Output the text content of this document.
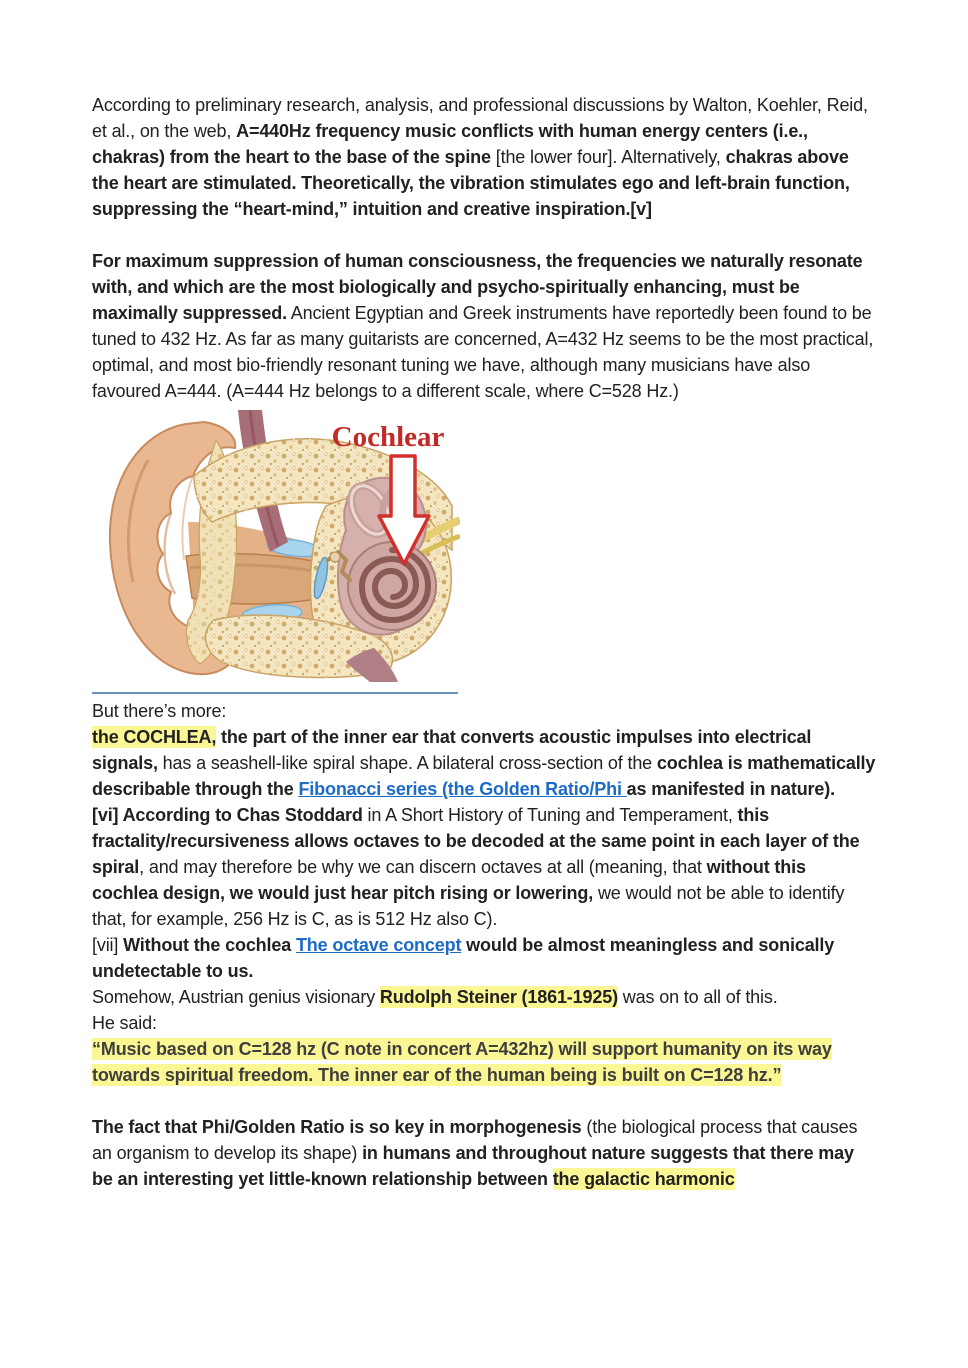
According to preliminary research, analysis, and professional discussions by Walton, Koehler, Reid, et al., on the web, A=440Hz frequency music conflicts with human energy centers (i.e., chakras) from the heart to the base of the spine [the lower four]. Alternatively, chakras above the heart are stimulated. Theoretically, the vibration stimulates ego and left-brain function, suppressing the “heart-mind,” intuition and creative inspiration.[v]

For maximum suppression of human consciousness, the frequencies we naturally resonate with, and which are the most biologically and psycho-spiritually enhancing, must be maximally suppressed. Ancient Egyptian and Greek instruments have reportedly been found to be tuned to 432 Hz. As far as many guitarists are concerned, A=432 Hz seems to be the most practical, optimal, and most bio-friendly resonant tuning we have, although many musicians have also favoured A=444. (A=444 Hz belongs to a different scale, where C=528 Hz.)

Cochlear

But there’s more:

the COCHLEA, the part of the inner ear that converts acoustic impulses into electrical signals, has a seashell-like spiral shape. A bilateral cross-section of the cochlea is mathematically describable through the Fibonacci series (the Golden Ratio/Phi as manifested in nature).

[vi] According to Chas Stoddard in A Short History of Tuning and Temperament, this fractality/recursiveness allows octaves to be decoded at the same point in each layer of the spiral, and may therefore be why we can discern octaves at all (meaning, that without this cochlea design, we would just hear pitch rising or lowering, we would not be able to identify that, for example, 256 Hz is C, as is 512 Hz also C).

[vii] Without the cochlea The octave concept would be almost meaningless and sonically undetectable to us.

Somehow, Austrian genius visionary Rudolph Steiner (1861-1925) was on to all of this.

He said:

“Music based on C=128 hz (C note in concert A=432hz) will support humanity on its way towards spiritual freedom. The inner ear of the human being is built on C=128 hz.”

The fact that Phi/Golden Ratio is so key in morphogenesis (the biological process that causes an organism to develop its shape) in humans and throughout nature suggests that there may be an interesting yet little-known relationship between the galactic harmonic
